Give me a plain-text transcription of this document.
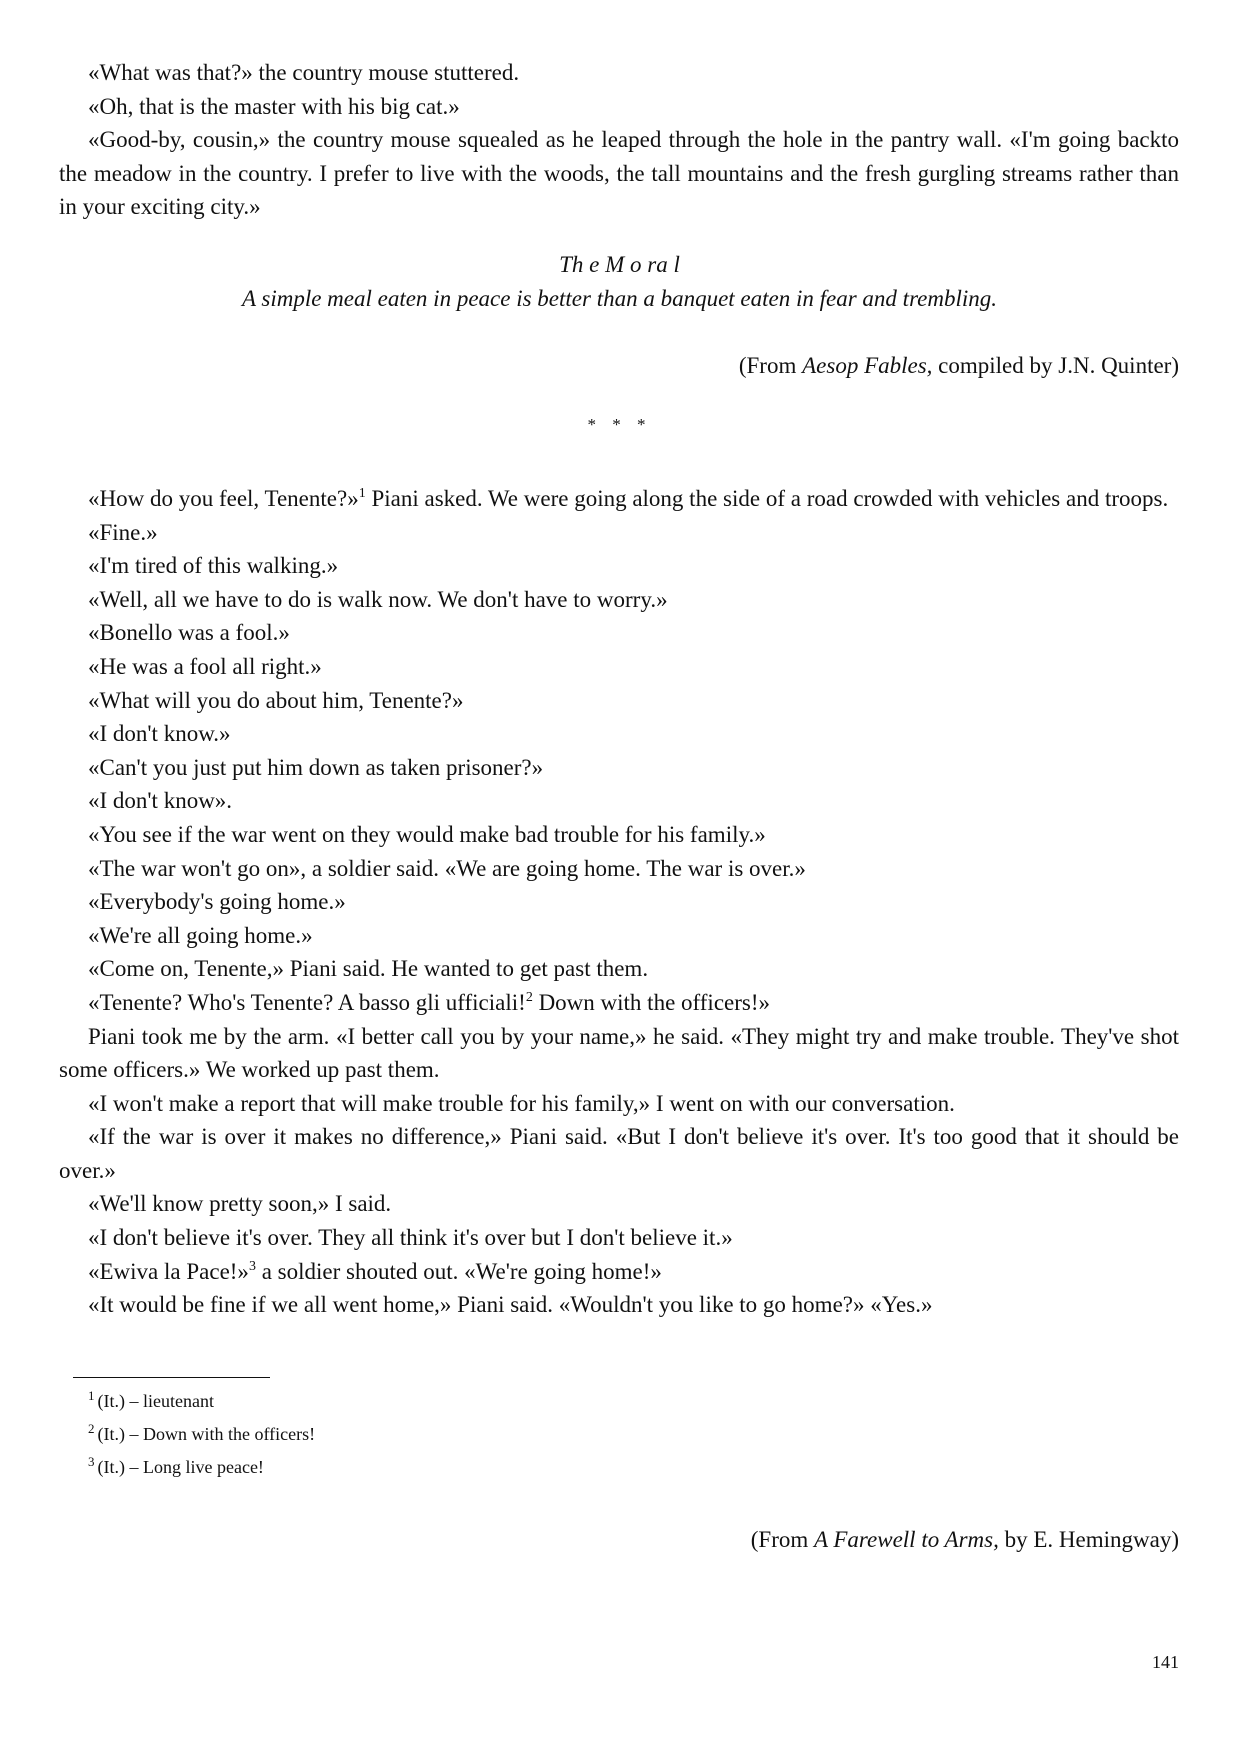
«What was that?» the country mouse stuttered.

«Oh, that is the master with his big cat.»

«Good-by, cousin,» the country mouse squealed as he leaped through the hole in the pantry wall. «I'm going backto the meadow in the country. I prefer to live with the woods, the tall mountains and the fresh gurgling streams rather than in your exciting city.»

Th e M o ra l
A simple meal eaten in peace is better than a banquet eaten in fear and trembling.
(From Aesop Fables, compiled by J.N. Quinter)
* * *

«How do you feel, Tenente?»$^1$ Piani asked. We were going along the side of a road crowded with vehicles and troops.

«Fine.»

«I'm tired of this walking.»

«Well, all we have to do is walk now. We don't have to worry.»

«Bonello was a fool.»

«He was a fool all right.»

«What will you do about him, Tenente?»

«I don't know.»

«Can't you just put him down as taken prisoner?»

«I don't know».

«You see if the war went on they would make bad trouble for his family.»

«The war won't go on», a soldier said. «We are going home. The war is over.»

«Everybody's going home.»

«We're all going home.»

«Come on, Tenente,» Piani said. He wanted to get past them.

«Tenente? Who's Tenente? A basso gli ufficiali!$^2$ Down with the officers!»

Piani took me by the arm. «I better call you by your name,» he said. «They might try and make trouble. They've shot some officers.» We worked up past them.

«I won't make a report that will make trouble for his family,» I went on with our conversation.

«If the war is over it makes no difference,» Piani said. «But I don't believe it's over. It's too good that it should be over.»

«We'll know pretty soon,» I said.

«I don't believe it's over. They all think it's over but I don't believe it.»

«Ewiva la Pace!»$^3$ a soldier shouted out. «We're going home!»

«It would be fine if we all went home,» Piani said. «Wouldn't you like to go home?» «Yes.»

$^1$ (It.) – lieutenant

$^2$ (It.) – Down with the officers!

$^3$ (It.) – Long live peace!

(From A Farewell to Arms, by E. Hemingway)
141
